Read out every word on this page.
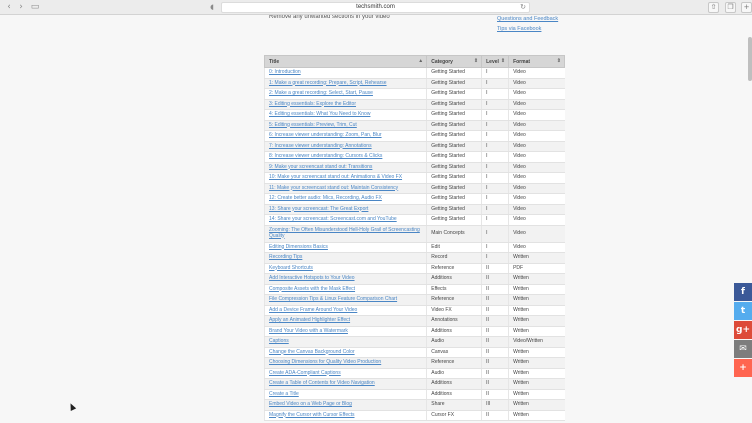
‹ › ▭	◖	techsmith.com	↻	⇧	❐	+
Remove any unwanted sections in your video	Questions and Feedback
Tips via Facebook
Title ▲	Category ⇕	Level ⇕	Format ⇕

0: Introduction	Getting Started	I	Video
1: Make a great recording: Prepare, Script, Rehearse	Getting Started	I	Video
2: Make a great recording: Select, Start, Pause	Getting Started	I	Video
3: Editing essentials: Explore the Editor	Getting Started	I	Video
4: Editing essentials: What You Need to Know	Getting Started	I	Video
5: Editing essentials: Preview, Trim, Cut	Getting Started	I	Video
6: Increase viewer understanding: Zoom, Pan, Blur	Getting Started	I	Video
7: Increase viewer understanding: Annotations	Getting Started	I	Video
8: Increase viewer understanding: Cursors & Clicks	Getting Started	I	Video
9: Make your screencast stand out: Transitions	Getting Started	I	Video
10: Make your screencast stand out: Animations & Video FX	Getting Started	I	Video
11: Make your screencast stand out: Maintain Consistency	Getting Started	I	Video
12: Create better audio: Mics, Recording, Audio FX	Getting Started	I	Video
13: Share your screencast: The Great Export	Getting Started	I	Video
14: Share your screencast: Screencast.com and YouTube	Getting Started	I	Video
Zooming: The Often Misunderstood Hell-Holy Grail of Screencasting Quality	Main Concepts	I	Video
Editing Dimensions Basics	Edit	I	Video
Recording Tips	Record	I	Written
Keyboard Shortcuts	Reference	II	PDF
Add Interactive Hotspots to Your Video	Additions	II	Written
Composite Assets with the Mask Effect	Effects	II	Written
File Compression Tips & Linux Feature Comparison Chart	Reference	II	Written
Add a Device Frame Around Your Video	Video FX	II	Written
Apply an Animated Highlighter Effect	Annotations	II	Written
Brand Your Video with a Watermark	Additions	II	Written
Captions	Audio	II	Video/Written
Change the Canvas Background Color	Canvas	II	Written
Choosing Dimensions for Quality Video Production	Reference	II	Written
Create ADA-Compliant Captions	Audio	II	Written
Create a Table of Contents for Video Navigation	Additions	II	Written
Create a Title	Additions	II	Written
Embed Video on a Web Page or Blog	Share	III	Written
Magnify the Cursor with Cursor Effects	Cursor FX	II	Written
f
t
g+
✉
+
